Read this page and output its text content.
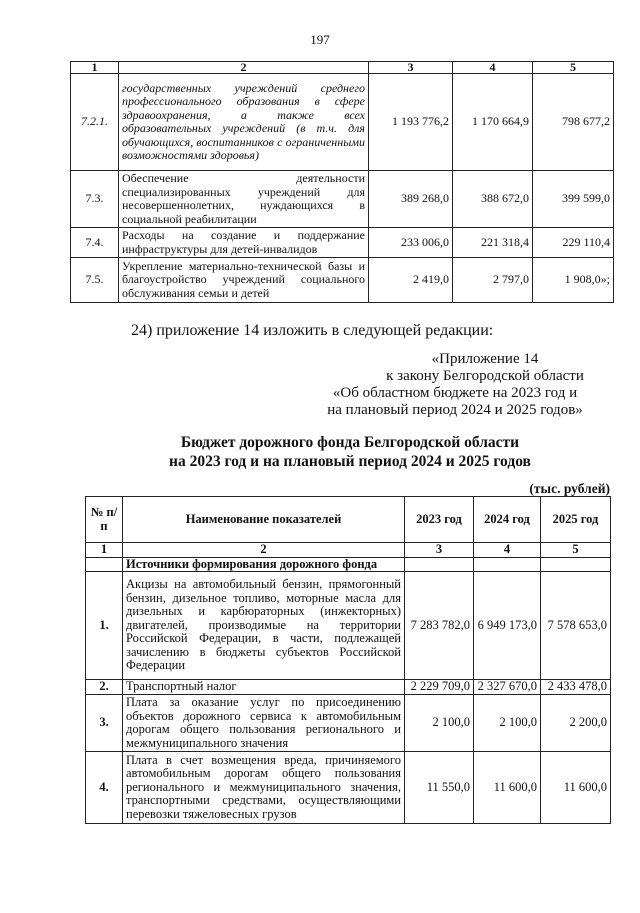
197
1	2	3	4	5
7.2.1.	государственных учреждений среднего профессионального образования в сфере здравоохранения, а также всех образовательных учреждений (в т.ч. для обучающихся, воспитанников с ограниченными возможностями здоровья)	1 193 776,2	1 170 664,9	798 677,2
7.3.	Обеспечение деятельности специализированных учреждений для несовершеннолетних, нуждающихся в социальной реабилитации	389 268,0	388 672,0	399 599,0
7.4.	Расходы на создание и поддержание инфраструктуры для детей-инвалидов	233 006,0	221 318,4	229 110,4
7.5.	Укрепление материально-технической базы и благоустройство учреждений социального обслуживания семьи и детей	2 419,0	2 797,0	1 908,0»;
24) приложение 14 изложить в следующей редакции:
«Приложение 14
к закону Белгородской области
«Об областном бюджете на 2023 год и
на плановый период 2024 и 2025 годов»
Бюджет дорожного фонда Белгородской области
на 2023 год и на плановый период 2024 и 2025 годов
(тыс. рублей)
№ п/п	Наименование показателей	2023 год	2024 год	2025 год
1	2	3	4	5
	Источники формирования дорожного фонда			
1.	Акцизы на автомобильный бензин, прямогонный бензин, дизельное топливо, моторные масла для дизельных и карбюраторных (инжекторных) двигателей, производимые на территории Российской Федерации, в части, подлежащей зачислению в бюджеты субъектов Российской Федерации	7 283 782,0	6 949 173,0	7 578 653,0
2.	Транспортный налог	2 229 709,0	2 327 670,0	2 433 478,0
3.	Плата за оказание услуг по присоединению объектов дорожного сервиса к автомобильным дорогам общего пользования регионального и межмуниципального значения	2 100,0	2 100,0	2 200,0
4.	Плата в счет возмещения вреда, причиняемого автомобильным дорогам общего пользования регионального и межмуниципального значения, транспортными средствами, осуществляющими перевозки тяжеловесных грузов	11 550,0	11 600,0	11 600,0
